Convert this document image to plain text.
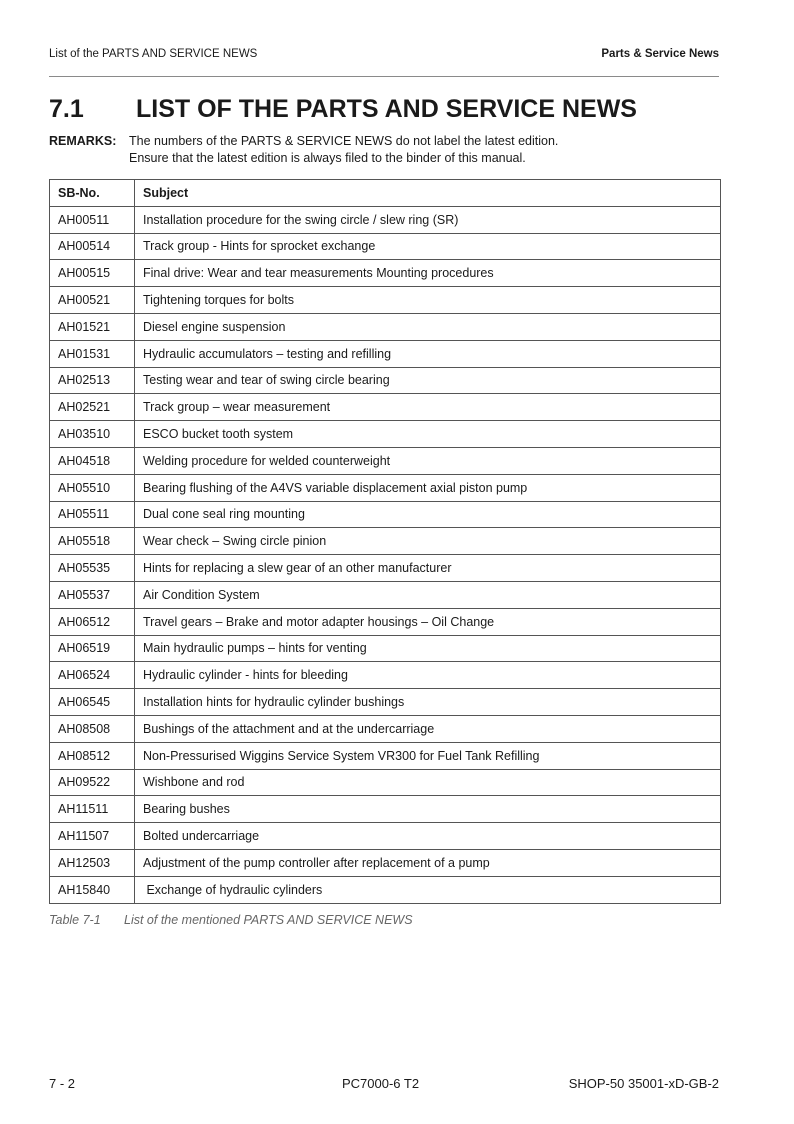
List of the PARTS AND SERVICE NEWS	Parts & Service News
7.1 LIST OF THE PARTS AND SERVICE NEWS
REMARKS: The numbers of the PARTS & SERVICE NEWS do not label the latest edition.
Ensure that the latest edition is always filed to the binder of this manual.
SB-No.	Subject
AH00511	Installation procedure for the swing circle / slew ring (SR)
AH00514	Track group - Hints for sprocket exchange
AH00515	Final drive: Wear and tear measurements Mounting procedures
AH00521	Tightening torques for bolts
AH01521	Diesel engine suspension
AH01531	Hydraulic accumulators – testing and refilling
AH02513	Testing wear and tear of swing circle bearing
AH02521	Track group – wear measurement
AH03510	ESCO bucket tooth system
AH04518	Welding procedure for welded counterweight
AH05510	Bearing flushing of the A4VS variable displacement axial piston pump
AH05511	Dual cone seal ring mounting
AH05518	Wear check – Swing circle pinion
AH05535	Hints for replacing a slew gear of an other manufacturer
AH05537	Air Condition System
AH06512	Travel gears – Brake and motor adapter housings – Oil Change
AH06519	Main hydraulic pumps – hints for venting
AH06524	Hydraulic cylinder - hints for bleeding
AH06545	Installation hints for hydraulic cylinder bushings
AH08508	Bushings of the attachment and at the undercarriage
AH08512	Non-Pressurised Wiggins Service System VR300 for Fuel Tank Refilling
AH09522	Wishbone and rod
AH11511	Bearing bushes
AH11507	Bolted undercarriage
AH12503	Adjustment of the pump controller after replacement of a pump
AH15840	Exchange of hydraulic cylinders
Table 7-1 List of the mentioned PARTS AND SERVICE NEWS
7 - 2	PC7000-6 T2	SHOP-50 35001-xD-GB-2
